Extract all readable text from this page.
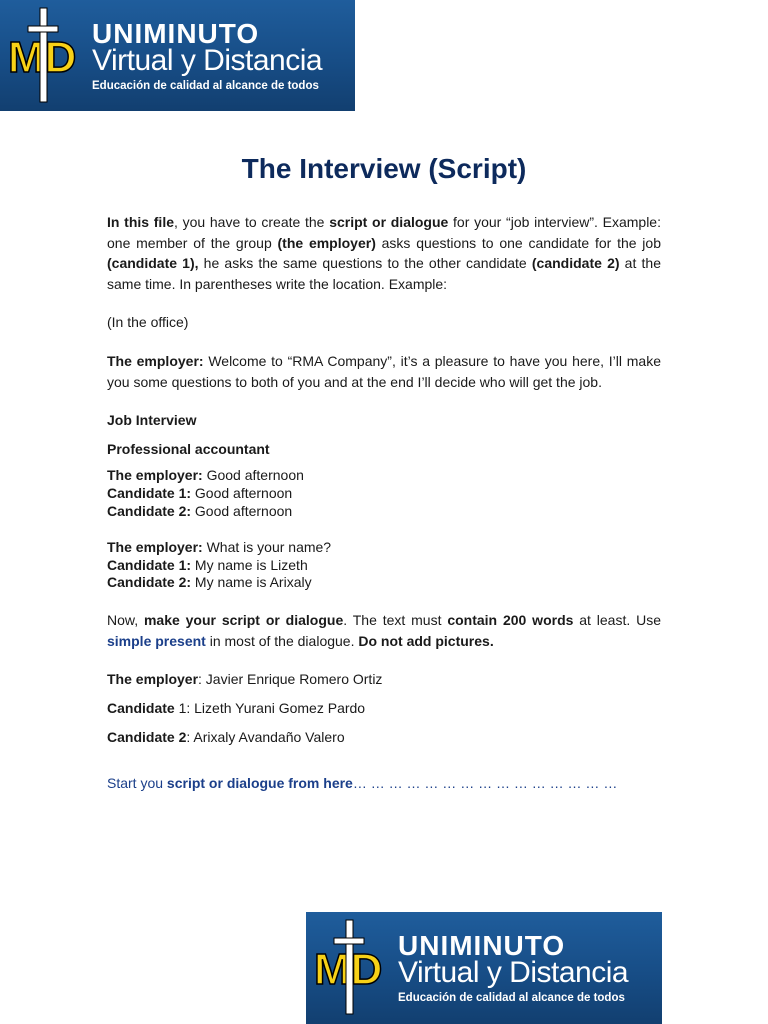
UNIMINUTO
Virtual y Distancia
Educación de calidad al alcance de todos
The Interview (Script)

In this file, you have to create the script or dialogue for your “job interview”. Example: one member of the group (the employer) asks questions to one candidate for the job (candidate 1), he asks the same questions to the other candidate (candidate 2) at the same time. In parentheses write the location. Example:

(In the office)

The employer: Welcome to “RMA Company”, it’s a pleasure to have you here, I’ll make you some questions to both of you and at the end I’ll decide who will get the job.

Job Interview

Professional accountant

The employer: Good afternoon

Candidate 1: Good afternoon

Candidate 2: Good afternoon

The employer: What is your name?

Candidate 1: My name is Lizeth

Candidate 2: My name is Arixaly

Now, make your script or dialogue. The text must contain 200 words at least. Use simple present in most of the dialogue. Do not add pictures.

The employer: Javier Enrique Romero Ortiz

Candidate 1: Lizeth Yurani Gomez Pardo

Candidate 2: Arixaly Avandaño Valero

Start you script or dialogue from here… … … … … … … … … … … … … … …

UNIMINUTO
Virtual y Distancia
Educación de calidad al alcance de todos
